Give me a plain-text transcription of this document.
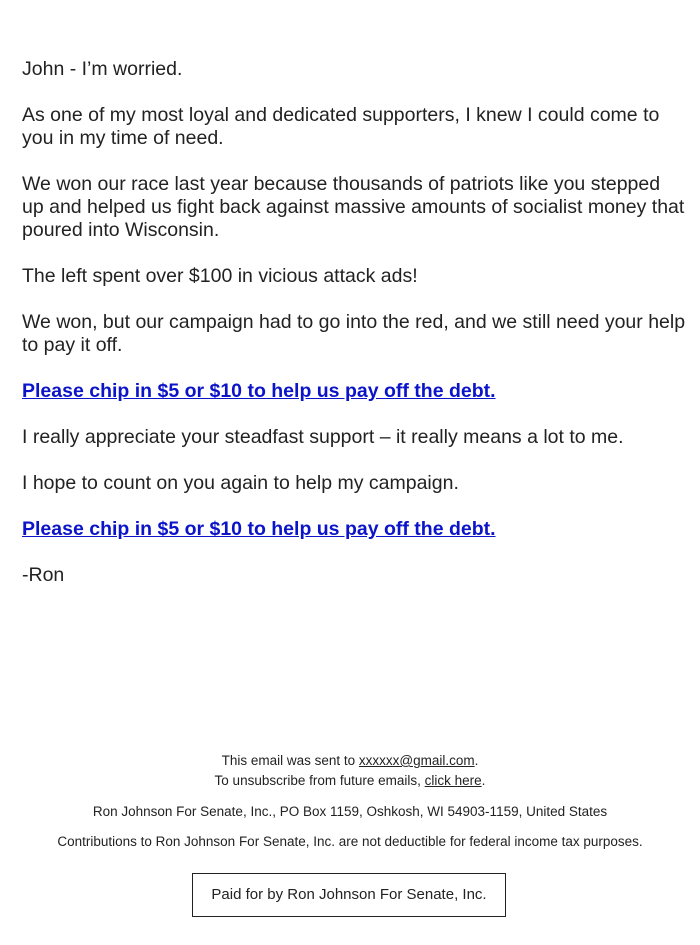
John - I’m worried.

As one of my most loyal and dedicated supporters, I knew I could come to you in my time of need.

We won our race last year because thousands of patriots like you stepped up and helped us fight back against massive amounts of socialist money that poured into Wisconsin.

The left spent over $100 in vicious attack ads!

We won, but our campaign had to go into the red, and we still need your help to pay it off.

Please chip in $5 or $10 to help us pay off the debt.

I really appreciate your steadfast support – it really means a lot to me.

I hope to count on you again to help my campaign.

Please chip in $5 or $10 to help us pay off the debt.

-Ron

This email was sent to xxxxxx@gmail.com.
To unsubscribe from future emails, click here.
Ron Johnson For Senate, Inc., PO Box 1159, Oshkosh, WI 54903-1159, United States
Contributions to Ron Johnson For Senate, Inc. are not deductible for federal income tax purposes.
Paid for by Ron Johnson For Senate, Inc.
